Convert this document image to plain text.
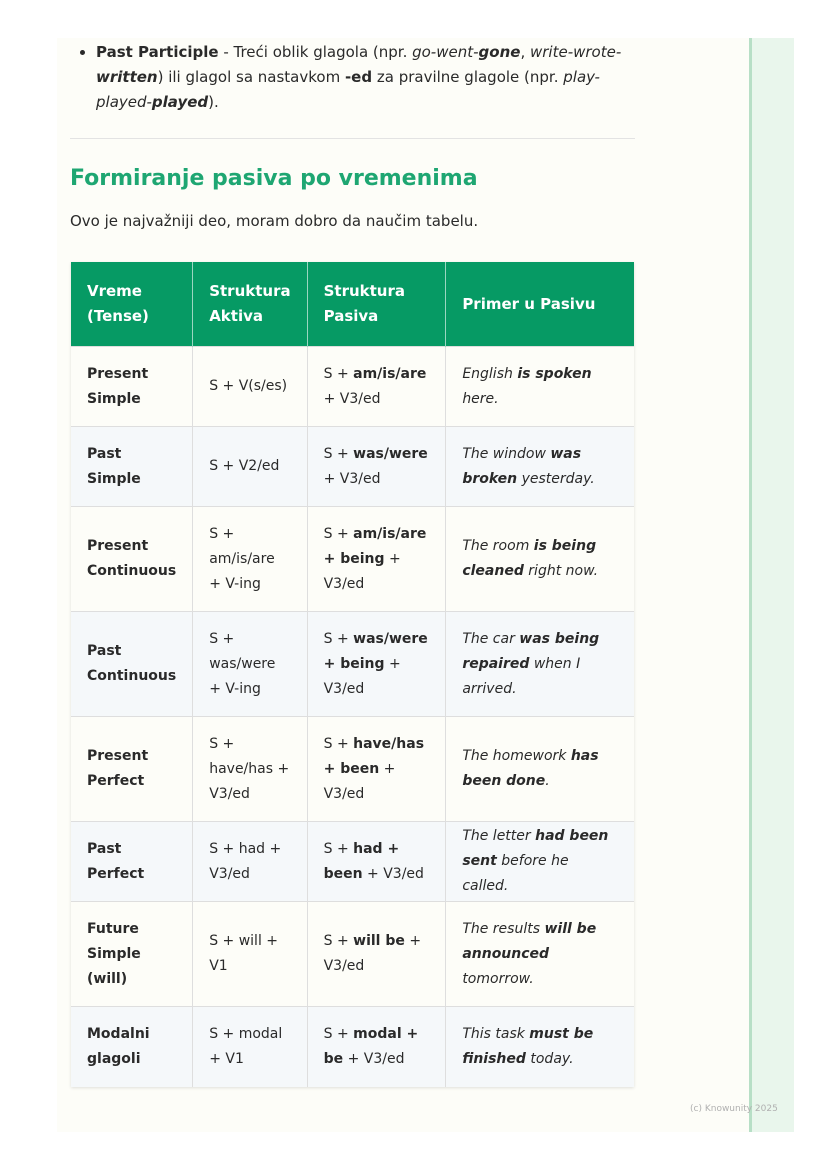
• Past Participle - Treći oblik glagola (npr. go-went-gone, write-wrote-written) ili glagol sa nastavkom -ed za pravilne glagole (npr. play-played-played).
Formiranje pasiva po vremenima

Ovo je najvažniji deo, moram dobro da naučim tabelu.

Vreme (Tense)	Struktura Aktiva	Struktura Pasiva	Primer u Pasivu
Present Simple	S + V(s/es)	S + am/is/are + V3/ed	English is spoken here.
Past Simple	S + V2/ed	S + was/were + V3/ed	The window was broken yesterday.
Present Continuous	S + am/is/are + V-ing	S + am/is/are + being + V3/ed	The room is being cleaned right now.
Past Continuous	S + was/were + V-ing	S + was/were + being + V3/ed	The car was being repaired when I arrived.
Present Perfect	S + have/has + V3/ed	S + have/has + been + V3/ed	The homework has been done.
Past Perfect	S + had + V3/ed	S + had + been + V3/ed	The letter had been sent before he called.
Future Simple (will)	S + will + V1	S + will be + V3/ed	The results will be announced tomorrow.
Modalni glagoli	S + modal + V1	S + modal + be + V3/ed	This task must be finished today.
(c) Knowunity 2025
